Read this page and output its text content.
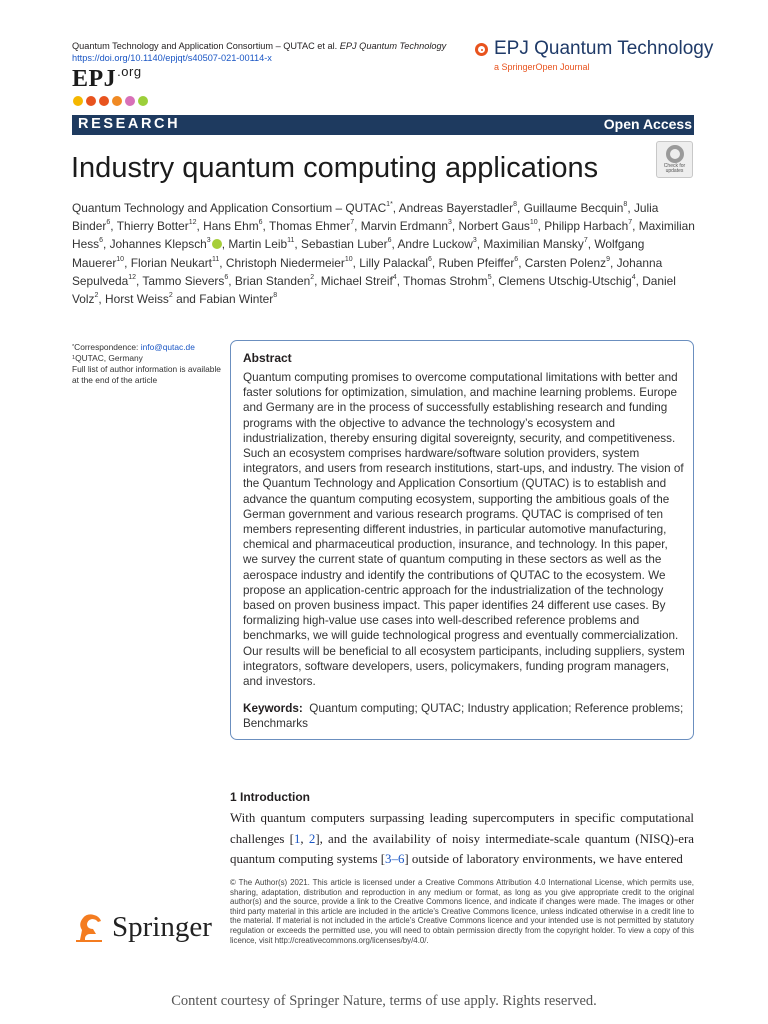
Quantum Technology and Application Consortium – QUTAC et al. EPJ Quantum Technology
https://doi.org/10.1140/epjqt/s40507-021-00114-x
$EPJ^{.org}$
EPJ Quantum Technology
a SpringerOpen Journal
RESEARCH	Open Access
Industry quantum computing applications	Check for updates
Quantum Technology and Application Consortium – $QUTAC^{1*}$, Andreas Bayerstadler$^8$, Guillaume Becquin$^8$, Julia Binder$^6$, Thierry Botter$^{12}$, Hans Ehm$^6$, Thomas Ehmer$^7$, Marvin Erdmann$^3$, Norbert Gaus$^{10}$, Philipp Harbach$^7$, Maximilian Hess$^6$, Johannes Klepsch$^3$ , Martin Leib$^{11}$, Sebastian Luber$^6$, Andre Luckow$^3$, Maximilian Mansky$^7$, Wolfgang Mauerer$^{10}$, Florian Neukart$^{11}$, Christoph Niedermeier$^{10}$, Lilly Palackal$^6$, Ruben Pfeiffer$^6$, Carsten Polenz$^9$, Johanna Sepulveda$^{12}$, Tammo Sievers$^6$, Brian Standen$^2$, Michael Streif$^4$, Thomas Strohm$^5$, Clemens Utschig-Utschig$^4$, Daniel Volz$^2$, Horst Weiss$^2$ and Fabian Winter$^8$
*Correspondence: info@qutac.de
$^1$QUTAC, Germany
Full list of author information is available at the end of the article
Abstract
Quantum computing promises to overcome computational limitations with better and faster solutions for optimization, simulation, and machine learning problems. Europe and Germany are in the process of successfully establishing research and funding programs with the objective to advance the technology’s ecosystem and industrialization, thereby ensuring digital sovereignty, security, and competitiveness. Such an ecosystem comprises hardware/software solution providers, system integrators, and users from research institutions, start-ups, and industry. The vision of the Quantum Technology and Application Consortium (QUTAC) is to establish and advance the quantum computing ecosystem, supporting the ambitious goals of the German government and various research programs. QUTAC is comprised of ten members representing different industries, in particular automotive manufacturing, chemical and pharmaceutical production, insurance, and technology. In this paper, we survey the current state of quantum computing in these sectors as well as the aerospace industry and identify the contributions of QUTAC to the ecosystem. We propose an application-centric approach for the industrialization of the technology based on proven business impact. This paper identifies 24 different use cases. By formalizing high-value use cases into well-described reference problems and benchmarks, we will guide technological progress and eventually commercialization. Our results will be beneficial to all ecosystem participants, including suppliers, system integrators, software developers, users, policymakers, funding program managers, and investors.
Keywords: Quantum computing; QUTAC; Industry application; Reference problems; Benchmarks
1 Introduction
With quantum computers surpassing leading supercomputers in specific computational challenges [1, 2], and the availability of noisy intermediate-scale quantum (NISQ)-era quantum computing systems [3–6] outside of laboratory environments, we have entered
© The Author(s) 2021. This article is licensed under a Creative Commons Attribution 4.0 International License, which permits use, sharing, adaptation, distribution and reproduction in any medium or format, as long as you give appropriate credit to the original author(s) and the source, provide a link to the Creative Commons licence, and indicate if changes were made. The images or other third party material in this article are included in the article’s Creative Commons licence, unless indicated otherwise in a credit line to the material. If material is not included in the article’s Creative Commons licence and your intended use is not permitted by statutory regulation or exceeds the permitted use, you will need to obtain permission directly from the copyright holder. To view a copy of this licence, visit http://creativecommons.org/licenses/by/4.0/.
Springer
Content courtesy of Springer Nature, terms of use apply. Rights reserved.
